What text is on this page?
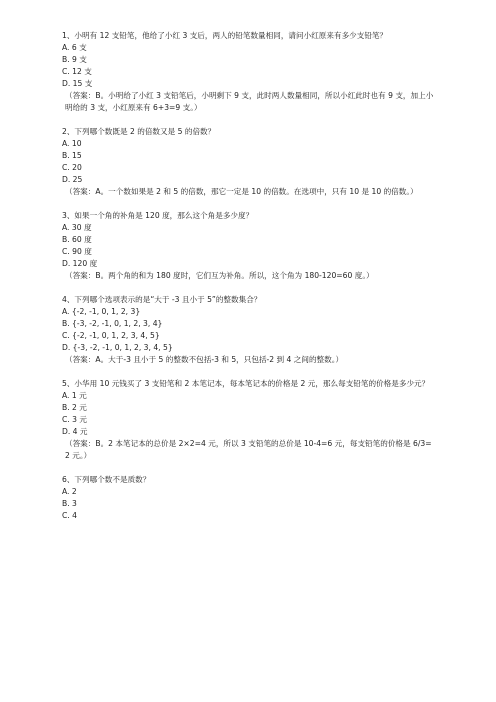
1、小明有 12 支铅笔，他给了小红 3 支后，两人的铅笔数量相同，请问小红原来有多少支铅笔？

A. 6 支

B. 9 支

C. 12 支

D. 15 支

（答案：B。小明给了小红 3 支铅笔后，小明剩下 9 支，此时两人数量相同，所以小红此时也有 9 支，加上小明给的 3 支，小红原来有 6+3=9 支。）

2、下列哪个数既是 2 的倍数又是 5 的倍数？

A. 10

B. 15

C. 20

D. 25

（答案：A。一个数如果是 2 和 5 的倍数，那它一定是 10 的倍数。在选项中，只有 10 是 10 的倍数。）

3、如果一个角的补角是 120 度，那么这个角是多少度？

A. 30 度

B. 60 度

C. 90 度

D. 120 度

（答案：B。两个角的和为 180 度时，它们互为补角。所以，这个角为 180-120=60 度。）

4、下列哪个选项表示的是“大于 -3 且小于 5”的整数集合？

A. {-2, -1, 0, 1, 2, 3}

B. {-3, -2, -1, 0, 1, 2, 3, 4}

C. {-2, -1, 0, 1, 2, 3, 4, 5}

D. {-3, -2, -1, 0, 1, 2, 3, 4, 5}

（答案：A。大于-3 且小于 5 的整数不包括-3 和 5，只包括-2 到 4 之间的整数。）

5、小华用 10 元钱买了 3 支铅笔和 2 本笔记本，每本笔记本的价格是 2 元，那么每支铅笔的价格是多少元？

A. 1 元

B. 2 元

C. 3 元

D. 4 元

（答案：B。2 本笔记本的总价是 2×2=4 元，所以 3 支铅笔的总价是 10-4=6 元，每支铅笔的价格是 6/3=2 元。）

6、下列哪个数不是质数？

A. 2

B. 3

C. 4
